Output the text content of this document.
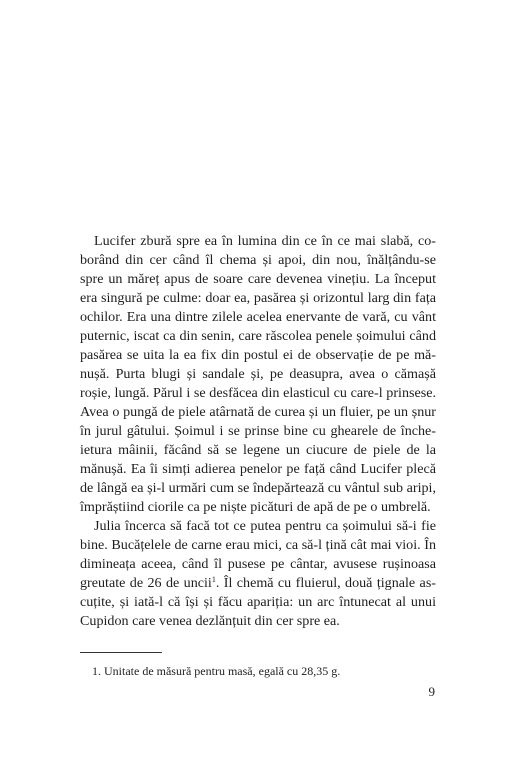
Lucifer zbură spre ea în lumina din ce în ce mai slabă, co-
borând din cer când îl chema și apoi, din nou, înălțându-se
spre un măreț apus de soare care devenea vinețiu. La început
era singură pe culme: doar ea, pasărea și orizontul larg din fața
ochilor. Era una dintre zilele acelea enervante de vară, cu vânt
puternic, iscat ca din senin, care răscolea penele șoimului când
pasărea se uita la ea fix din postul ei de observație de pe mă-
nușă. Purta blugi și sandale și, pe deasupra, avea o cămașă
roșie, lungă. Părul i se desfăcea din elasticul cu care-l prinsese.
Avea o pungă de piele atârnată de curea și un fluier, pe un șnur
în jurul gâtului. Șoimul i se prinse bine cu ghearele de înche-
ietura mâinii, făcând să se legene un ciucure de piele de la
mănușă. Ea îi simți adierea penelor pe față când Lucifer plecă
de lângă ea și-l urmări cum se îndepărtează cu vântul sub aripi,
împrăștiind ciorile ca pe niște picături de apă de pe o umbrelă.
Julia încerca să facă tot ce putea pentru ca șoimului să-i fie
bine. Bucățelele de carne erau mici, ca să-l țină cât mai vioi. În
dimineața aceea, când îl pusese pe cântar, avusese rușinoasa
greutate de 26 de uncii$^1$. Îl chemă cu fluierul, două țignale as-
cuțite, și iată-l că își și făcu apariția: un arc întunecat al unui
Cupidon care venea dezlănțuit din cer spre ea.
1. Unitate de măsură pentru masă, egală cu 28,35 g.
9
